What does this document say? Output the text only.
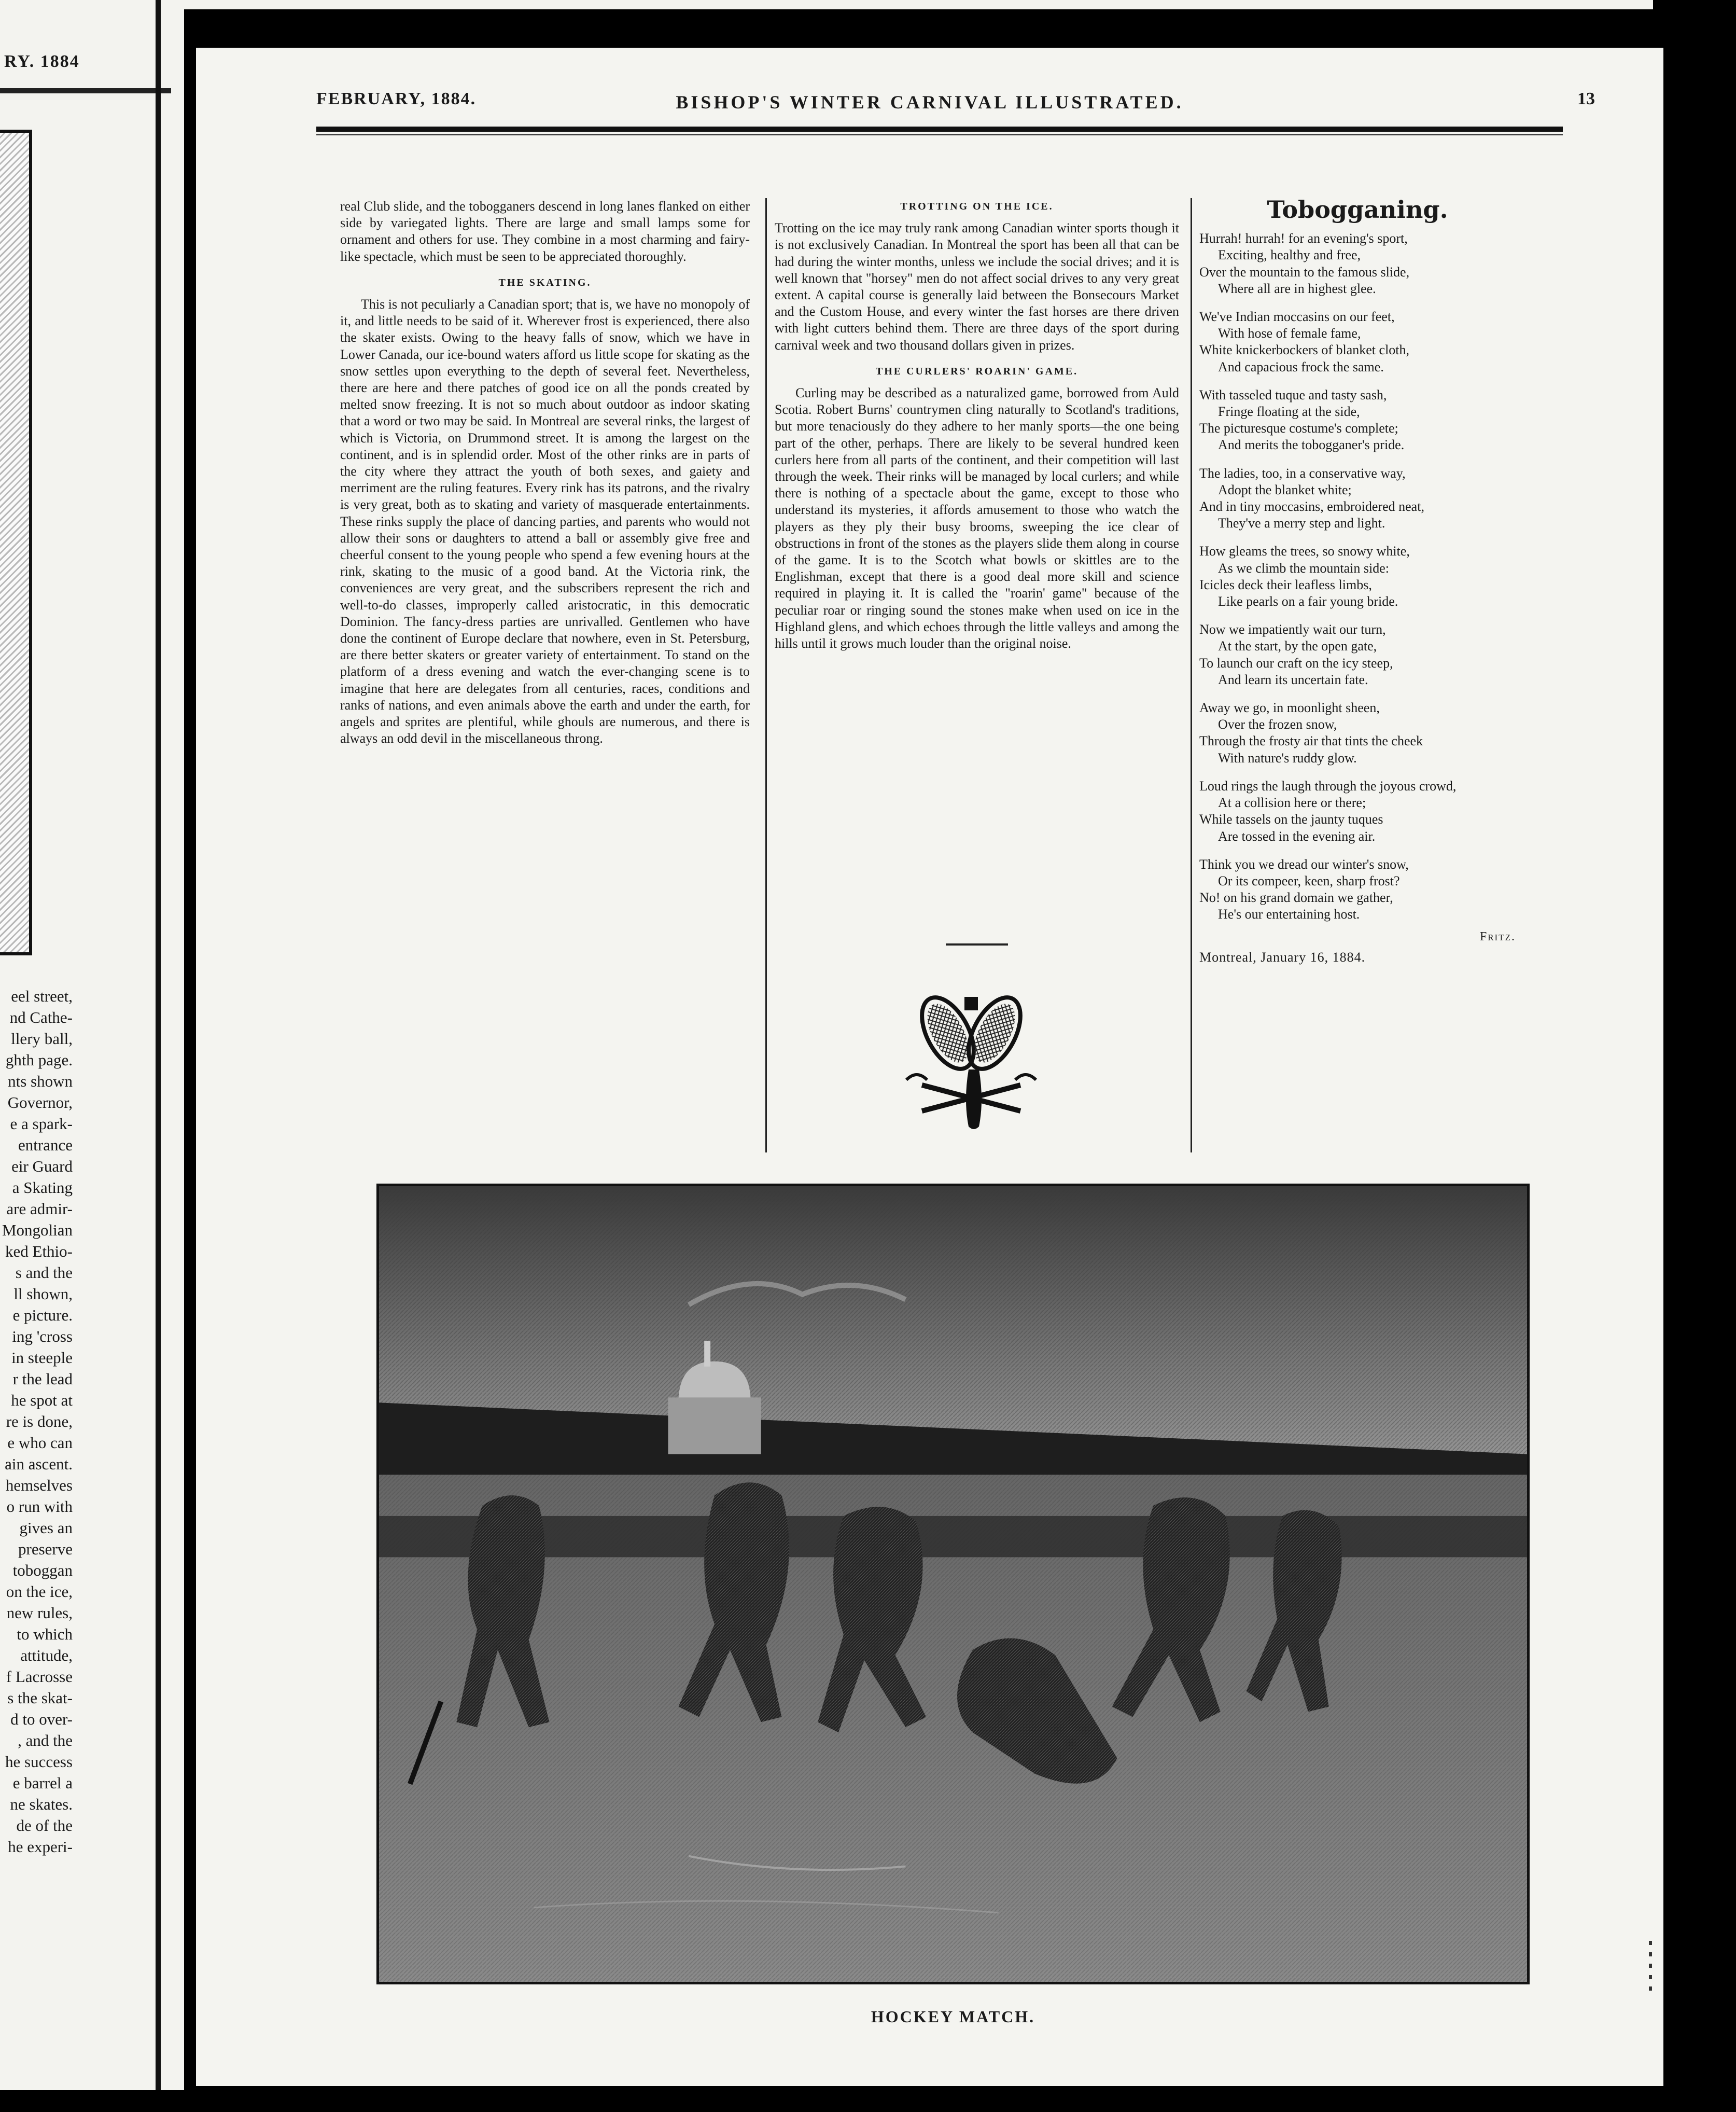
RY. 1884
eel street,
nd Cathe-
llery ball,
ghth page.
nts shown
Governor,
e a spark-
entrance
eir Guard
a Skating
are admir-
Mongolian
ked Ethio-
s and the
ll shown,
e picture.
ing 'cross
in steeple
r the lead
he spot at
re is done,
e who can
ain ascent.
hemselves
o run with
gives an
preserve
toboggan
on the ice,
new rules,
to which
attitude,
f Lacrosse
s the skat-
d to over-
, and the
he success
e barrel a
ne skates.
de of the
he experi-
FEBRUARY, 1884.	BISHOP'S WINTER CARNIVAL ILLUSTRATED.	13

real Club slide, and the tobogganers descend in long lanes flanked on either side by variegated lights. There are large and small lamps some for ornament and others for use. They combine in a most charming and fairy-like spectacle, which must be seen to be appreciated thoroughly.

THE SKATING.

This is not peculiarly a Canadian sport; that is, we have no monopoly of it, and little needs to be said of it. Wherever frost is experienced, there also the skater exists. Owing to the heavy falls of snow, which we have in Lower Canada, our ice-bound waters afford us little scope for skating as the snow settles upon everything to the depth of several feet. Nevertheless, there are here and there patches of good ice on all the ponds created by melted snow freezing. It is not so much about outdoor as indoor skating that a word or two may be said. In Montreal are several rinks, the largest of which is Victoria, on Drummond street. It is among the largest on the continent, and is in splendid order. Most of the other rinks are in parts of the city where they attract the youth of both sexes, and gaiety and merriment are the ruling features. Every rink has its patrons, and the rivalry is very great, both as to skating and variety of masquerade entertainments. These rinks supply the place of dancing parties, and parents who would not allow their sons or daughters to attend a ball or assembly give free and cheerful consent to the young people who spend a few evening hours at the rink, skating to the music of a good band. At the Victoria rink, the conveniences are very great, and the subscribers represent the rich and well-to-do classes, improperly called aristocratic, in this democratic Dominion. The fancy-dress parties are unrivalled. Gentlemen who have done the continent of Europe declare that nowhere, even in St. Petersburg, are there better skaters or greater variety of entertainment. To stand on the platform of a dress evening and watch the ever-changing scene is to imagine that here are delegates from all centuries, races, conditions and ranks of nations, and even animals above the earth and under the earth, for angels and sprites are plentiful, while ghouls are numerous, and there is always an odd devil in the miscellaneous throng.

TROTTING ON THE ICE.

Trotting on the ice may truly rank among Canadian winter sports though it is not exclusively Canadian. In Montreal the sport has been all that can be had during the winter months, unless we include the social drives; and it is well known that "horsey" men do not affect social drives to any very great extent. A capital course is generally laid between the Bonsecours Market and the Custom House, and every winter the fast horses are there driven with light cutters behind them. There are three days of the sport during carnival week and two thousand dollars given in prizes.

THE CURLERS' ROARIN' GAME.

Curling may be described as a naturalized game, borrowed from Auld Scotia. Robert Burns' countrymen cling naturally to Scotland's traditions, but more tenaciously do they adhere to her manly sports—the one being part of the other, perhaps. There are likely to be several hundred keen curlers here from all parts of the continent, and their competition will last through the week. Their rinks will be managed by local curlers; and while there is nothing of a spectacle about the game, except to those who understand its mysteries, it affords amusement to those who watch the players as they ply their busy brooms, sweeping the ice clear of obstructions in front of the stones as the players slide them along in course of the game. It is to the Scotch what bowls or skittles are to the Englishman, except that there is a good deal more skill and science required in playing it. It is called the "roarin' game" because of the peculiar roar or ringing sound the stones make when used on ice in the Highland glens, and which echoes through the little valleys and among the hills until it grows much louder than the original noise.

Tobogganing.
Hurrah! hurrah! for an evening's sport,
Exciting, healthy and free,
Over the mountain to the famous slide,
Where all are in highest glee.
We've Indian moccasins on our feet,
With hose of female fame,
White knickerbockers of blanket cloth,
And capacious frock the same.
With tasseled tuque and tasty sash,
Fringe floating at the side,
The picturesque costume's complete;
And merits the tobogganer's pride.
The ladies, too, in a conservative way,
Adopt the blanket white;
And in tiny moccasins, embroidered neat,
They've a merry step and light.
How gleams the trees, so snowy white,
As we climb the mountain side:
Icicles deck their leafless limbs,
Like pearls on a fair young bride.
Now we impatiently wait our turn,
At the start, by the open gate,
To launch our craft on the icy steep,
And learn its uncertain fate.
Away we go, in moonlight sheen,
Over the frozen snow,
Through the frosty air that tints the cheek
With nature's ruddy glow.
Loud rings the laugh through the joyous crowd,
At a collision here or there;
While tassels on the jaunty tuques
Are tossed in the evening air.
Think you we dread our winter's snow,
Or its compeer, keen, sharp frost?
No! on his grand domain we gather,
He's our entertaining host.
Fritz.
Montreal, January 16, 1884.
HOCKEY MATCH.
